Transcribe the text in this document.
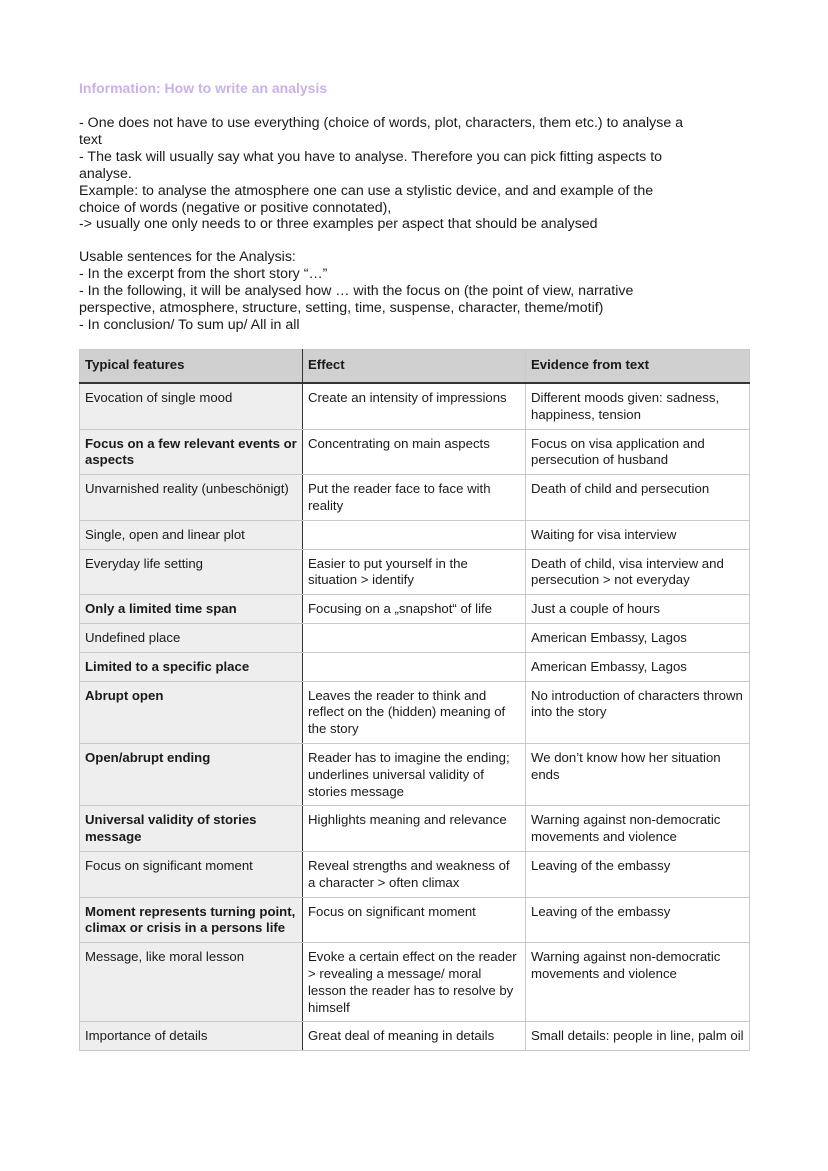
Information: How to write an analysis
- One does not have to use everything (choice of words, plot, characters, them etc.) to analyse a
text
- The task will usually say what you have to analyse. Therefore you can pick fitting aspects to
analyse.
Example: to analyse the atmosphere one can use a stylistic device, and and example of the
choice of words (negative or positive connotated),
-> usually one only needs to or three examples per aspect that should be analysed
Usable sentences for the Analysis:
- In the excerpt from the short story “…”
- In the following, it will be analysed how … with the focus on (the point of view, narrative
perspective, atmosphere, structure, setting, time, suspense, character, theme/motif)
- In conclusion/ To sum up/ All in all
Typical features	Effect	Evidence from text
Evocation of single mood	Create an intensity of impressions	Different moods given: sadness, happiness, tension
Focus on a few relevant events or aspects	Concentrating on main aspects	Focus on visa application and persecution of husband
Unvarnished reality (unbeschönigt)	Put the reader face to face with reality	Death of child and persecution
Single, open and linear plot		Waiting for visa interview
Everyday life setting	Easier to put yourself in the situation > identify	Death of child, visa interview and persecution > not everyday
Only a limited time span	Focusing on a „snapshot“ of life	Just a couple of hours
Undefined place		American Embassy, Lagos
Limited to a specific place		American Embassy, Lagos
Abrupt open	Leaves the reader to think and reflect on the (hidden) meaning of the story	No introduction of characters thrown into the story
Open/abrupt ending	Reader has to imagine the ending; underlines universal validity of stories message	We don’t know how her situation ends
Universal validity of stories message	Highlights meaning and relevance	Warning against non-democratic movements and violence
Focus on significant moment	Reveal strengths and weakness of a character > often climax	Leaving of the embassy
Moment represents turning point, climax or crisis in a persons life	Focus on significant moment	Leaving of the embassy
Message, like moral lesson	Evoke a certain effect on the reader > revealing a message/ moral lesson the reader has to resolve by himself	Warning against non-democratic movements and violence
Importance of details	Great deal of meaning in details	Small details: people in line, palm oil
